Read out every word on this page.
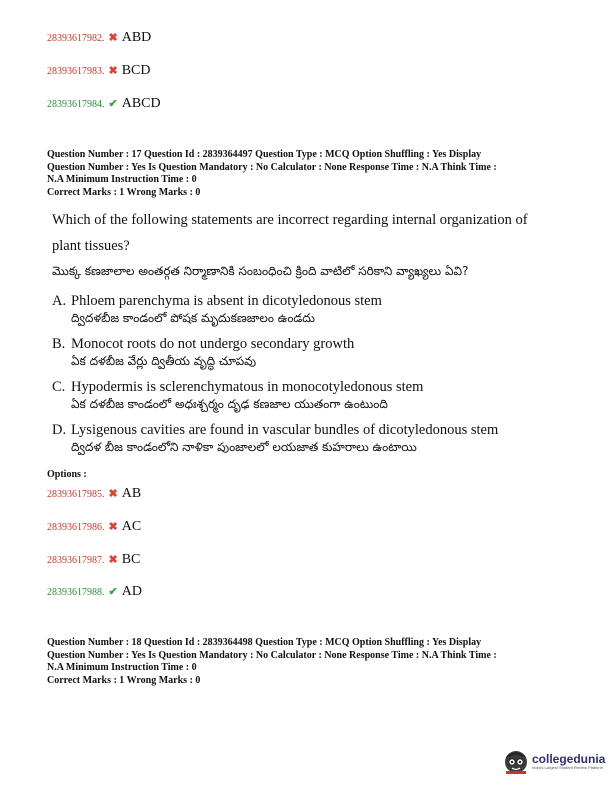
28393617982. ✖ ABD
28393617983. ✖ BCD
28393617984. ✔ ABCD
Question Number : 17 Question Id : 2839364497 Question Type : MCQ Option Shuffling : Yes Display
Question Number : Yes Is Question Mandatory : No Calculator : None Response Time : N.A Think Time :
N.A Minimum Instruction Time : 0
Correct Marks : 1 Wrong Marks : 0
Which of the following statements are incorrect regarding internal organization of
plant tissues?
మొక్క కణజాలాల అంతర్గత నిర్మాణానికి సంబంధించి క్రింది వాటిలో సరికాని వ్యాఖ్యలు ఏవి?
A. Phloem parenchyma is absent in dicotyledonous stem
ద్విదళబీజ కాండంలో పోషక మృదుకణజాలం ఉండదు
B. Monocot roots do not undergo secondary growth
ఏక దళబీజ వేర్లు ద్వితీయ వృద్ధి చూపవు
C. Hypodermis is sclerenchymatous in monocotyledonous stem
ఏక దళబీజ కాండంలో అధఃశ్చర్మం దృఢ కణజాల యుతంగా ఉంటుంది
D. Lysigenous cavities are found in vascular bundles of dicotyledonous stem
ద్విదళ బీజ కాండంలోని నాళికా పుంజాలలో లయజాత కుహరాలు ఉంటాయి
Options :
28393617985. ✖ AB
28393617986. ✖ AC
28393617987. ✖ BC
28393617988. ✔ AD
Question Number : 18 Question Id : 2839364498 Question Type : MCQ Option Shuffling : Yes Display
Question Number : Yes Is Question Mandatory : No Calculator : None Response Time : N.A Think Time :
N.A Minimum Instruction Time : 0
Correct Marks : 1 Wrong Marks : 0
collegedunia
India's Largest Student Review Platform
